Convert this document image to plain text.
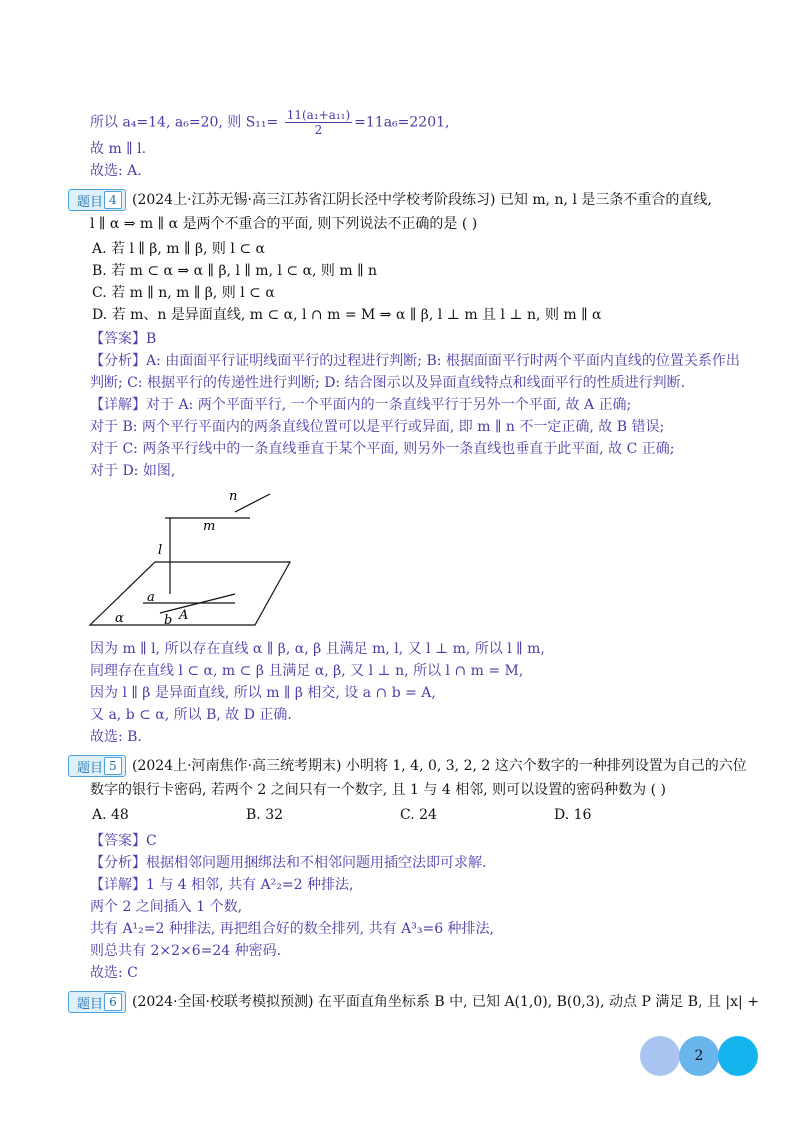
所以 a₄=14, a₆=20, 则 $S_{11}= \frac{\text{11(a₁+a₁₁)}}{2} =11a_6=2201$,
故 m ∥ l.
故选: A.
题目 4	(2024上·江苏无锡·高三江苏省江阴长泾中学校考阶段练习) 已知 m, n, l 是三条不重合的直线,
l ∥ α ⇒ m ∥ α 是两个不重合的平面, 则下列说法不正确的是 ( )
A. 若 l ∥ β, m ∥ β, 则 l ⊂ α
B. 若 m ⊂ α ⇒ α ∥ β, l ∥ m, l ⊂ α, 则 m ∥ n
C. 若 m ∥ n, m ∥ β, 则 l ⊂ α
D. 若 m、n 是异面直线, m ⊂ α, l ∩ m = M ⇒ α ∥ β, l ⊥ m 且 l ⊥ n, 则 m ∥ α
【答案】B
【分析】A: 由面面平行证明线面平行的过程进行判断; B: 根据面面平行时两个平面内直线的位置关系作出
判断; C: 根据平行的传递性进行判断; D: 结合图示以及异面直线特点和线面平行的性质进行判断.
【详解】对于 A: 两个平面平行, 一个平面内的一条直线平行于另外一个平面, 故 A 正确;
对于 B: 两个平行平面内的两条直线位置可以是平行或异面, 即 m ∥ n 不一定正确, 故 B 错误;
对于 C: 两条平行线中的一条直线垂直于某个平面, 则另外一条直线也垂直于此平面, 故 C 正确;
对于 D: 如图,
n
m
l
a
b A
α
因为 m ∥ l, 所以存在直线 α ∥ β, α, β 且满足 m, l, 又 l ⊥ m, 所以 l ∥ m,
同理存在直线 l ⊂ α, m ⊂ β 且满足 α, β, 又 l ⊥ n, 所以 l ∩ m = M,
因为 l ∥ β 是异面直线, 所以 m ∥ β 相交, 设 a ∩ b = A,
又 a, b ⊂ α, 所以 B, 故 D 正确.
故选: B.
题目 5	(2024上·河南焦作·高三统考期末) 小明将 1, 4, 0, 3, 2, 2 这六个数字的一种排列设置为自己的六位
数字的银行卡密码, 若两个 2 之间只有一个数字, 且 1 与 4 相邻, 则可以设置的密码种数为 ( )
A. 48	B. 32	C. 24	D. 16
【答案】C
【分析】根据相邻问题用捆绑法和不相邻问题用插空法即可求解.
【详解】1 与 4 相邻, 共有 A²₂=2 种排法,
两个 2 之间插入 1 个数,
共有 A¹₂=2 种排法, 再把组合好的数全排列, 共有 A³₃=6 种排法,
则总共有 2×2×6=24 种密码.
故选: C
题目 6	(2024·全国·校联考模拟预测) 在平面直角坐标系 B 中, 已知 A(1,0), B(0,3), 动点 P 满足 B, 且 |x| +
2
